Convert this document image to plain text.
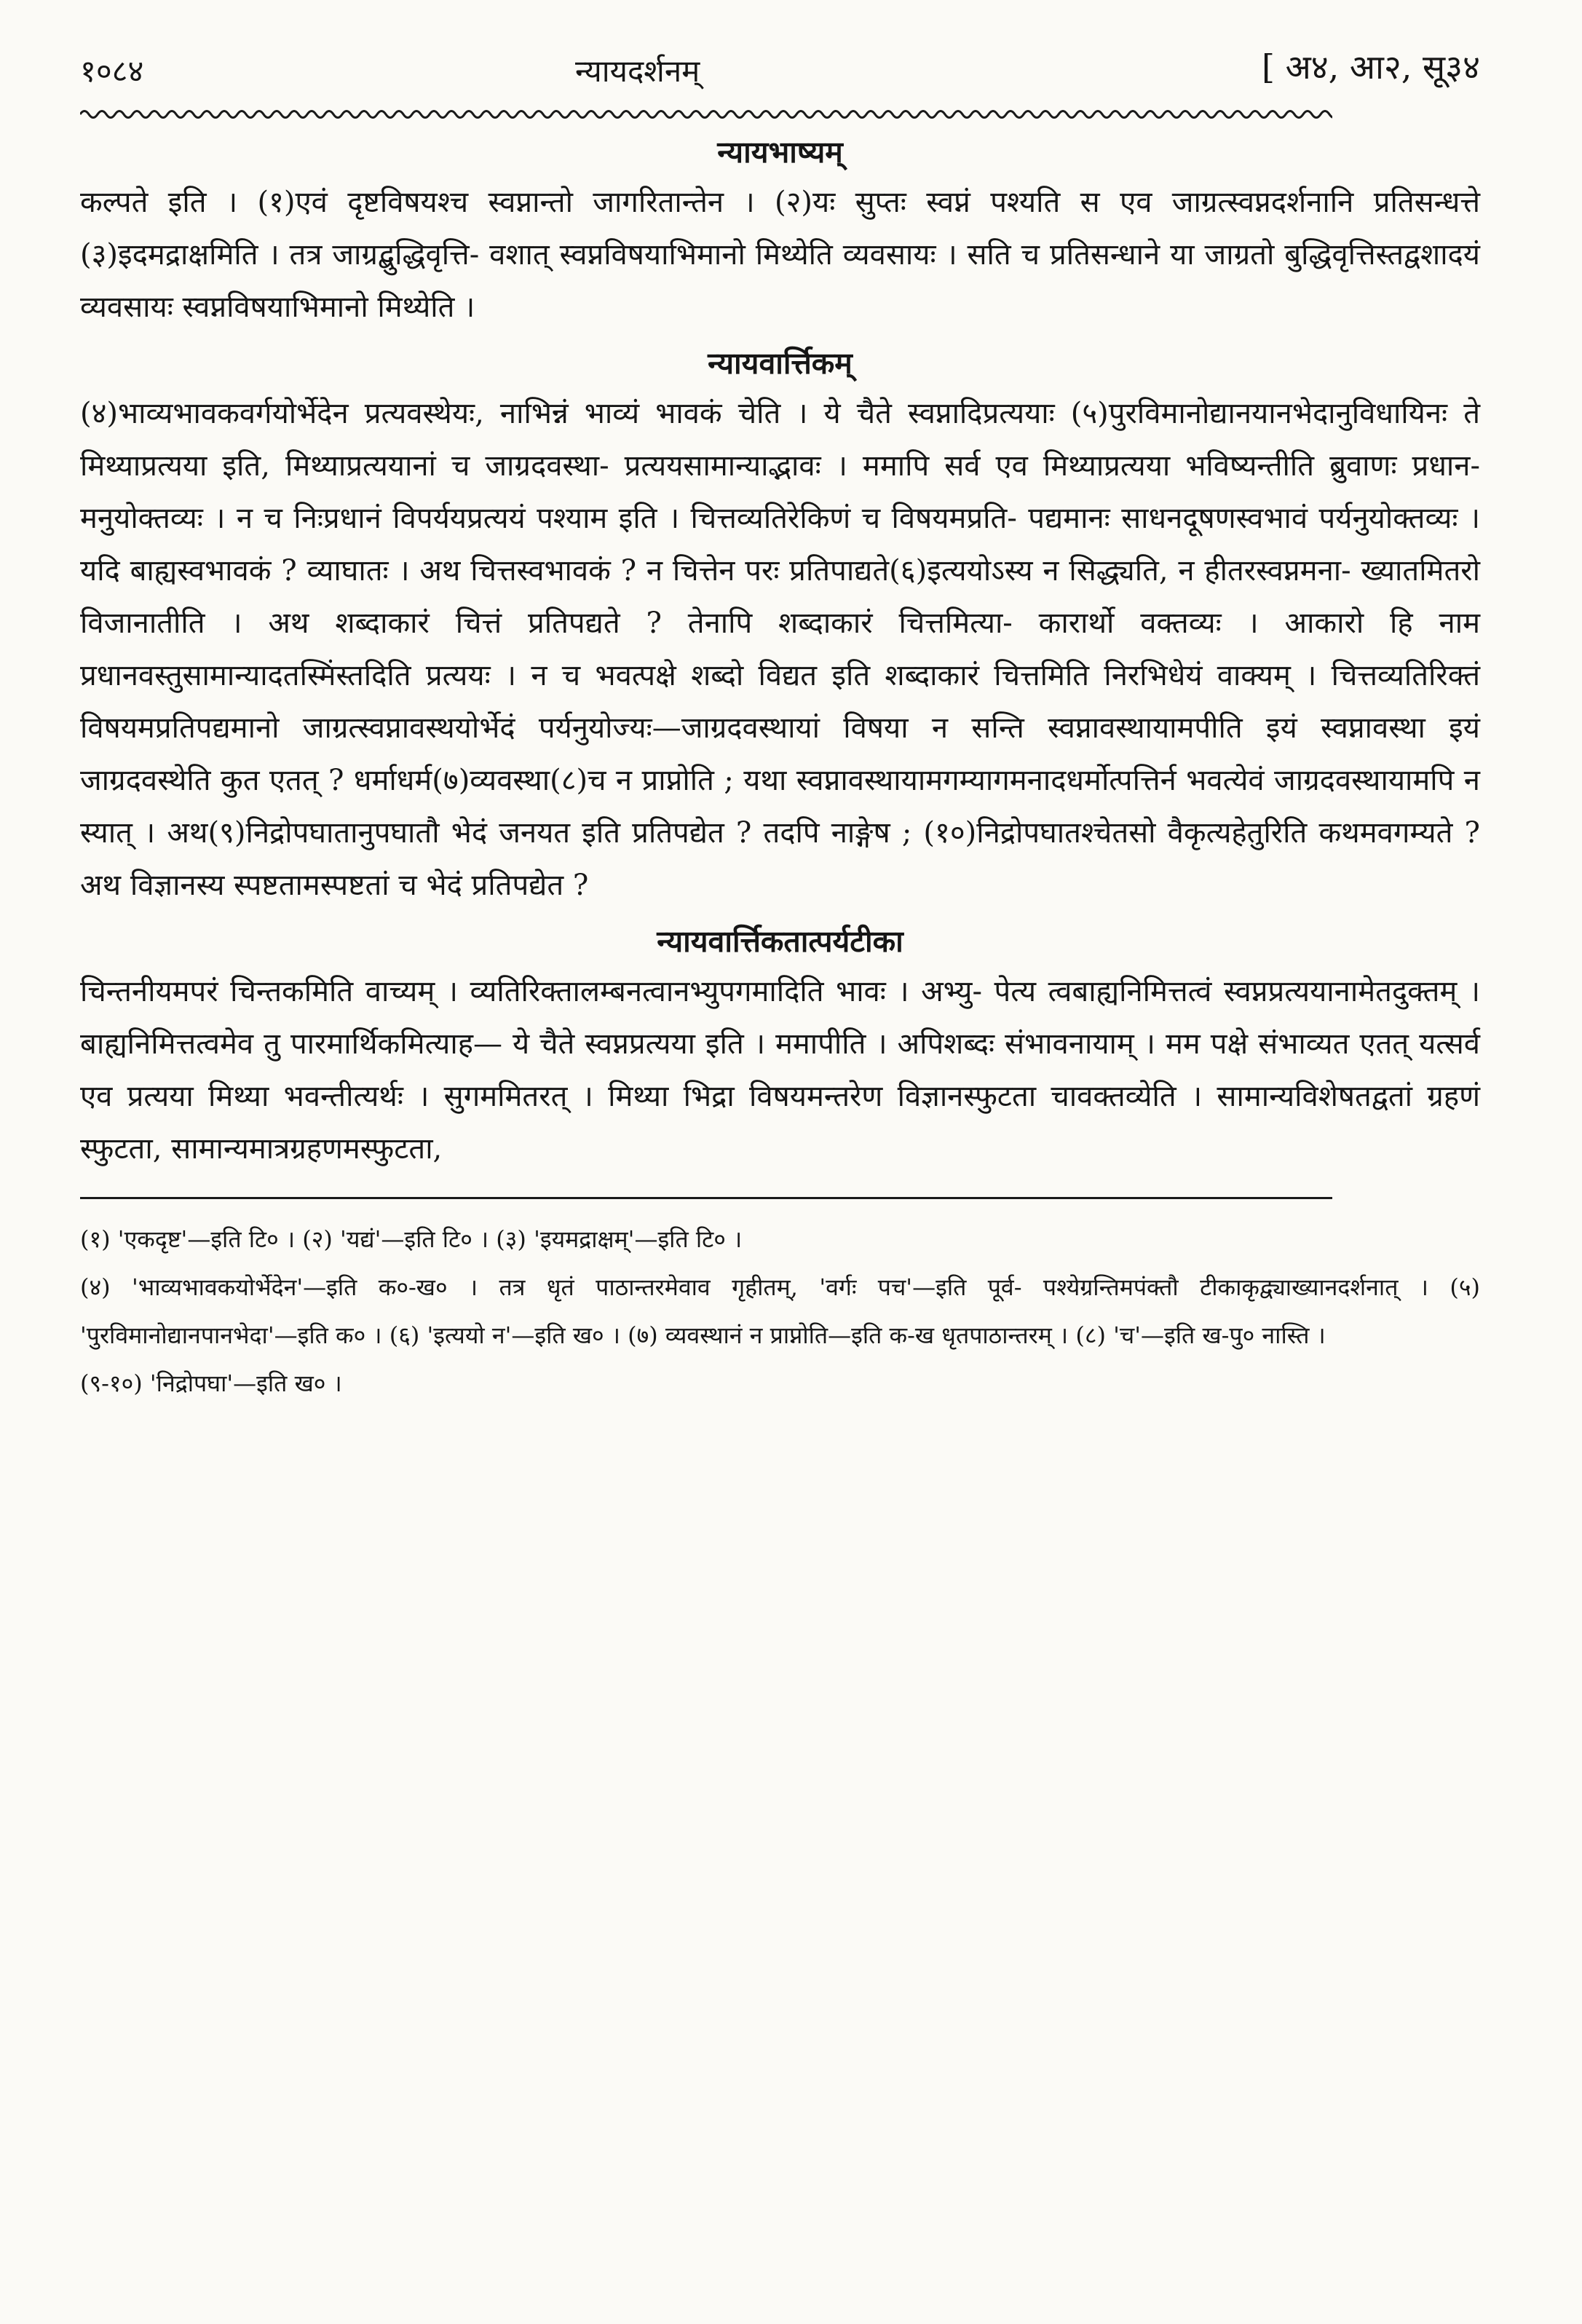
१०८४	न्यायदर्शनम्	[ अ४, आ२, सू३४
न्यायभाष्यम्

कल्पते इति । (१)एवं दृष्टविषयश्च स्वप्नान्तो जागरितान्तेन । (२)यः सुप्तः स्वप्नं पश्यति स एव जाग्रत्स्वप्नदर्शनानि प्रतिसन्धत्ते (३)इदमद्राक्षमिति । तत्र जाग्रद्बुद्धिवृत्ति- वशात् स्वप्नविषयाभिमानो मिथ्येति व्यवसायः । सति च प्रतिसन्धाने या जाग्रतो बुद्धिवृत्तिस्तद्वशादयं व्यवसायः स्वप्नविषयाभिमानो मिथ्येति ।

न्यायवार्त्तिकम्

(४)भाव्यभावकवर्गयोर्भेदेन प्रत्यवस्थेयः, नाभिन्नं भाव्यं भावकं चेति । ये चैते स्वप्नादिप्रत्ययाः (५)पुरविमानोद्यानयानभेदानुविधायिनः ते मिथ्याप्रत्यया इति, मिथ्याप्रत्ययानां च जाग्रदवस्था- प्रत्ययसामान्याद्भावः । ममापि सर्व एव मिथ्याप्रत्यया भविष्यन्तीति ब्रुवाणः प्रधान- मनुयोक्तव्यः । न च निःप्रधानं विपर्ययप्रत्ययं पश्याम इति । चित्तव्यतिरेकिणं च विषयमप्रति- पद्यमानः साधनदूषणस्वभावं पर्यनुयोक्तव्यः । यदि बाह्यस्वभावकं ? व्याघातः । अथ चित्तस्वभावकं ? न चित्तेन परः प्रतिपाद्यते(६)इत्ययोऽस्य न सिद्ध्यति, न हीतरस्वप्नमना- ख्यातमितरो विजानातीति । अथ शब्दाकारं चित्तं प्रतिपद्यते ? तेनापि शब्दाकारं चित्तमित्या- कारार्थो वक्तव्यः । आकारो हि नाम प्रधानवस्तुसामान्यादतस्मिंस्तदिति प्रत्ययः । न च भवत्पक्षे शब्दो विद्यत इति शब्दाकारं चित्तमिति निरभिधेयं वाक्यम् । चित्तव्यतिरिक्तं विषयमप्रतिपद्यमानो जाग्रत्स्वप्नावस्थयोर्भेदं पर्यनुयोज्यः—जाग्रदवस्थायां विषया न सन्ति स्वप्नावस्थायामपीति इयं स्वप्नावस्था इयं जाग्रदवस्थेति कुत एतत् ? धर्माधर्म(७)व्यवस्था(८)च न प्राप्नोति ; यथा स्वप्नावस्थायामगम्यागमनादधर्मोत्पत्तिर्न भवत्येवं जाग्रदवस्थायामपि न स्यात् । अथ(९)निद्रोपघातानुपघातौ भेदं जनयत इति प्रतिपद्येत ? तदपि नाङ्गेष ; (१०)निद्रोपघातश्चेतसो वैकृत्यहेतुरिति कथमवगम्यते ? अथ विज्ञानस्य स्पष्टतामस्पष्टतां च भेदं प्रतिपद्येत ?

न्यायवार्त्तिकतात्पर्यटीका

चिन्तनीयमपरं चिन्तकमिति वाच्यम् । व्यतिरिक्तालम्बनत्वानभ्युपगमादिति भावः । अभ्यु- पेत्य त्वबाह्यनिमित्तत्वं स्वप्नप्रत्ययानामेतदुक्तम् । बाह्यनिमित्तत्वमेव तु पारमार्थिकमित्याह— ये चैते स्वप्नप्रत्यया इति । ममापीति । अपिशब्दः संभावनायाम् । मम पक्षे संभाव्यत एतत् यत्सर्व एव प्रत्यया मिथ्या भवन्तीत्यर्थः । सुगममितरत् । मिथ्या भिद्रा विषयमन्तरेण विज्ञानस्फुटता चावक्तव्येति । सामान्यविशेषतद्वतां ग्रहणं स्फुटता, सामान्यमात्रग्रहणमस्फुटता,

(१) 'एकदृष्ट'—इति टि० । (२) 'यद्यं'—इति टि० । (३) 'इयमद्राक्षम्'—इति टि० ।

(४) 'भाव्यभावकयोर्भेदेन'—इति क०-ख० । तत्र धृतं पाठान्तरमेवाव गृहीतम्, 'वर्गः पच'—इति पूर्व- पश्येग्रन्तिमपंक्तौ टीकाकृद्व्याख्यानदर्शनात् । (५) 'पुरविमानोद्यानपानभेदा'—इति क० । (६) 'इत्ययो न'—इति ख० । (७) व्यवस्थानं न प्राप्नोति—इति क-ख धृतपाठान्तरम् । (८) 'च'—इति ख-पु० नास्ति ।

(९-१०) 'निद्रोपघा'—इति ख० ।
